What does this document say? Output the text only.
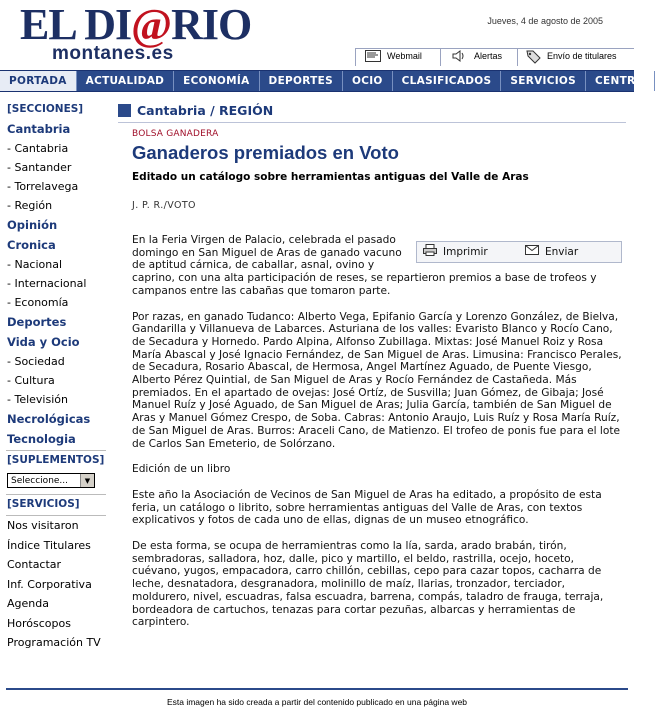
EL DI@RIO
montanes.es
Jueves, 4 de agosto de 2005
Webmail	Alertas	Envío de titulares
PORTADA	ACTUALIDAD	ECONOMÍA	DEPORTES	OCIO	CLASIFICADOS	SERVICIOS	CENTRO
[SECCIONES]
Cantabria
- Cantabria
- Santander
- Torrelavega
- Región
Opinión
Cronica
- Nacional
- Internacional
- Economía
Deportes
Vida y Ocio
- Sociedad
- Cultura
- Televisión
Necrológicas
Tecnologia
[SUPLEMENTOS]
Seleccione...	▼
[SERVICIOS]
Nos visitaron
Índice Titulares
Contactar
Inf. Corporativa
Agenda
Horóscopos
Programación TV
Cantabria / REGIÓN
BOLSA GANADERA
Ganaderos premiados en Voto
Editado un catálogo sobre herramientas antiguas del Valle de Aras
J. P. R./VOTO
Imprimir	Enviar

En la Feria Virgen de Palacio, celebrada el pasado domingo en San Miguel de Aras de ganado vacuno de aptitud cárnica, de caballar, asnal, ovino y caprino, con una alta participación de reses, se repartieron premios a base de trofeos y campanos entre las cabañas que tomaron parte.

Por razas, en ganado Tudanco: Alberto Vega, Epifanio García y Lorenzo González, de Bielva, Gandarilla y Villanueva de Labarces. Asturiana de los valles: Evaristo Blanco y Rocío Cano, de Secadura y Hornedo. Pardo Alpina, Alfonso Zubillaga. Mixtas: José Manuel Roiz y Rosa María Abascal y José Ignacio Fernández, de San Miguel de Aras. Limusina: Francisco Perales, de Secadura, Rosario Abascal, de Hermosa, Angel Martínez Aguado, de Puente Viesgo, Alberto Pérez Quintial, de San Miguel de Aras y Rocío Fernández de Castañeda. Más premiados. En el apartado de ovejas: José Ortíz, de Susvilla; Juan Gómez, de Gibaja; José Manuel Ruíz y José Aguado, de San Miguel de Aras; Julia García, también de San Miguel de Aras y Manuel Gómez Crespo, de Soba. Cabras: Antonio Araujo, Luis Ruíz y Rosa María Ruíz, de San Miguel de Aras. Burros: Araceli Cano, de Matienzo. El trofeo de ponis fue para el lote de Carlos San Emeterio, de Solórzano.

Edición de un libro

Este año la Asociación de Vecinos de San Miguel de Aras ha editado, a propósito de esta feria, un catálogo o librito, sobre herramientas antiguas del Valle de Aras, con textos explicativos y fotos de cada uno de ellas, dignas de un museo etnográfico.

De esta forma, se ocupa de herramientras como la lía, sarda, arado brabán, tirón, sembradoras, salladora, hoz, dalle, pico y martillo, el beldo, rastrilla, ocejo, hoceto, cuévano, yugos, empacadora, carro chillón, cebillas, cepo para cazar topos, cacharra de leche, desnatadora, desgranadora, molinillo de maíz, llarias, tronzador, terciador, moldurero, nivel, escuadras, falsa escuadra, barrena, compás, taladro de frauga, terraja, bordeadora de cartuchos, tenazas para cortar pezuñas, albarcas y herramientas de carpintero.

Esta imagen ha sido creada a partir del contenido publicado en una página web
